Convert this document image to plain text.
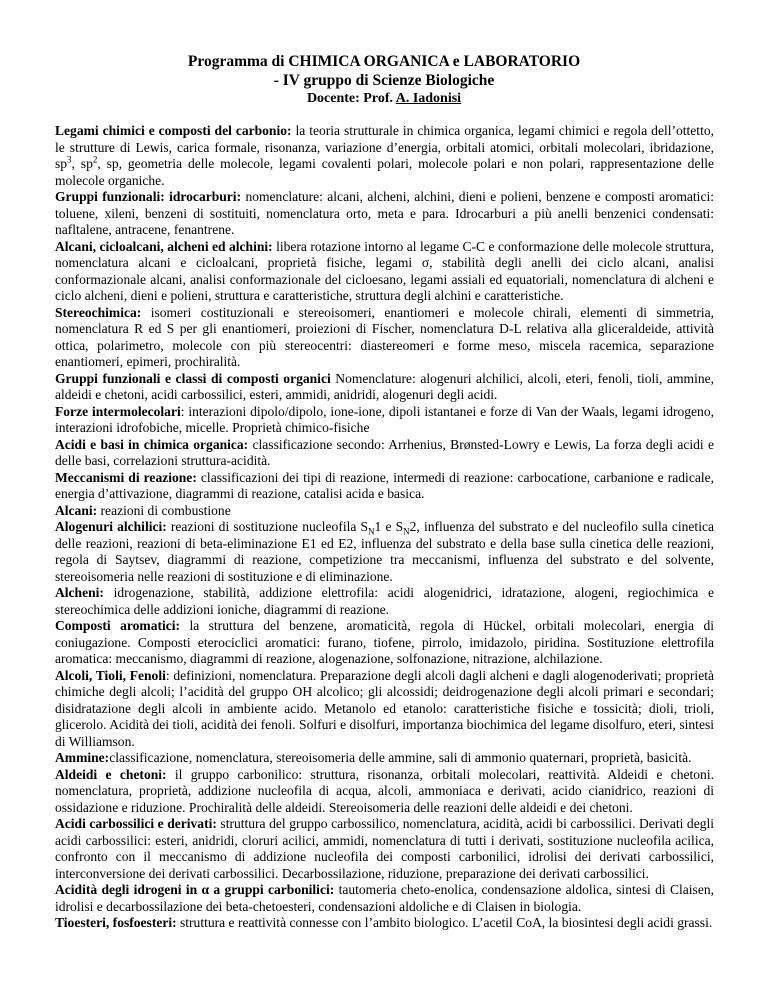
Programma di CHIMICA ORGANICA e LABORATORIO
- IV gruppo di Scienze Biologiche
Docente: Prof. A. Iadonisi

Legami chimici e composti del carbonio: la teoria strutturale in chimica organica, legami chimici e regola dell’ottetto, le strutture di Lewis, carica formale, risonanza, variazione d’energia, orbitali atomici, orbitali molecolari, ibridazione, $sp^3$, $sp^2$, sp, geometria delle molecole, legami covalenti polari, molecole polari e non polari, rappresentazione delle molecole organiche.

Gruppi funzionali: idrocarburi: nomenclature: alcani, alcheni, alchini, dieni e polieni, benzene e composti aromatici: toluene, xileni, benzeni di sostituiti, nomenclatura orto, meta e para. Idrocarburi a più anelli benzenici condensati: nafltalene, antracene, fenantrene.

Alcani, cicloalcani, alcheni ed alchini: libera rotazione intorno al legame C-C e conformazione delle molecole struttura, nomenclatura alcani e cicloalcani, proprietà fisiche, legami σ, stabilità degli anelli dei ciclo alcani, analisi conformazionale alcani, analisi conformazionale del cicloesano, legami assiali ed equatoriali, nomenclatura di alcheni e ciclo alcheni, dieni e polieni, struttura e caratteristiche, struttura degli alchini e caratteristiche.

Stereochimica: isomeri costituzionali e stereoisomeri, enantiomeri e molecole chirali, elementi di simmetria, nomenclatura R ed S per gli enantiomeri, proiezioni di Fischer, nomenclatura D-L relativa alla gliceraldeide, attività ottica, polarimetro, molecole con più stereocentri: diastereomeri e forme meso, miscela racemica, separazione enantiomeri, epimeri, prochiralità.

Gruppi funzionali e classi di composti organici Nomenclature: alogenuri alchilici, alcoli, eteri, fenoli, tioli, ammine, aldeidi e chetoni, acidi carbossilici, esteri, ammidi, anidridi, alogenuri degli acidi.

Forze intermolecolari: interazioni dipolo/dipolo, ione-ione, dipoli istantanei e forze di Van der Waals, legami idrogeno, interazioni idrofobiche, micelle. Proprietà chimico-fisiche

Acidi e basi in chimica organica: classificazione secondo: Arrhenius, Brønsted-Lowry e Lewis, La forza degli acidi e delle basi, correlazioni struttura-acidità.

Meccanismi di reazione: classificazioni dei tipi di reazione, intermedi di reazione: carbocatione, carbanione e radicale, energia d’attivazione, diagrammi di reazione, catalisi acida e basica.

Alcani: reazioni di combustione

Alogenuri alchilici: reazioni di sostituzione nucleofila $S_N1$ e $S_N2$, influenza del substrato e del nucleofilo sulla cinetica delle reazioni, reazioni di beta-eliminazione E1 ed E2, influenza del substrato e della base sulla cinetica delle reazioni, regola di Saytsev, diagrammi di reazione, competizione tra meccanismi, influenza del substrato e del solvente, stereoisomeria nelle reazioni di sostituzione e di eliminazione.

Alcheni: idrogenazione, stabilità, addizione elettrofila: acidi alogenidrici, idratazione, alogeni, regiochimica e stereochimica delle addizioni ioniche, diagrammi di reazione.

Composti aromatici: la struttura del benzene, aromaticità, regola di Hückel, orbitali molecolari, energia di coniugazione. Composti eterociclici aromatici: furano, tiofene, pirrolo, imidazolo, piridina. Sostituzione elettrofila aromatica: meccanismo, diagrammi di reazione, alogenazione, solfonazione, nitrazione, alchilazione.

Alcoli, Tioli, Fenoli: definizioni, nomenclatura. Preparazione degli alcoli dagli alcheni e dagli alogenoderivati; proprietà chimiche degli alcoli; l’acidità del gruppo OH alcolico; gli alcossidi; deidrogenazione degli alcoli primari e secondari; disidratazione degli alcoli in ambiente acido. Metanolo ed etanolo: caratteristiche fisiche e tossicità; dioli, trioli, glicerolo. Acidità dei tioli, acidità dei fenoli. Solfuri e disolfuri, importanza biochimica del legame disolfuro, eteri, sintesi di Williamson.

Ammine:classificazione, nomenclatura, stereoisomeria delle ammine, sali di ammonio quaternari, proprietà, basicità.

Aldeidi e chetoni: il gruppo carbonilico: struttura, risonanza, orbitali molecolari, reattività. Aldeidi e chetoni. nomenclatura, proprietà, addizione nucleofila di acqua, alcoli, ammoniaca e derivati, acido cianidrico, reazioni di ossidazione e riduzione. Prochiralità delle aldeidi. Stereoisomeria delle reazioni delle aldeidi e dei chetoni.

Acidi carbossilici e derivati: struttura del gruppo carbossilico, nomenclatura, acidità, acidi bi carbossilici. Derivati degli acidi carbossilici: esteri, anidridi, cloruri acilici, ammidi, nomenclatura di tutti i derivati, sostituzione nucleofila acilica, confronto con il meccanismo di addizione nucleofila dei composti carbonilici, idrolisi dei derivati carbossilici, interconversione dei derivati carbossilici. Decarbossilazione, riduzione, preparazione dei derivati carbossilici.

Acidità degli idrogeni in α a gruppi carbonilici: tautomeria cheto-enolica, condensazione aldolica, sintesi di Claisen, idrolisi e decarbossilazione dei beta-chetoesteri, condensazioni aldoliche e di Claisen in biologia.

Tioesteri, fosfoesteri: struttura e reattività connesse con l’ambito biologico. L’acetil CoA, la biosintesi degli acidi grassi.
